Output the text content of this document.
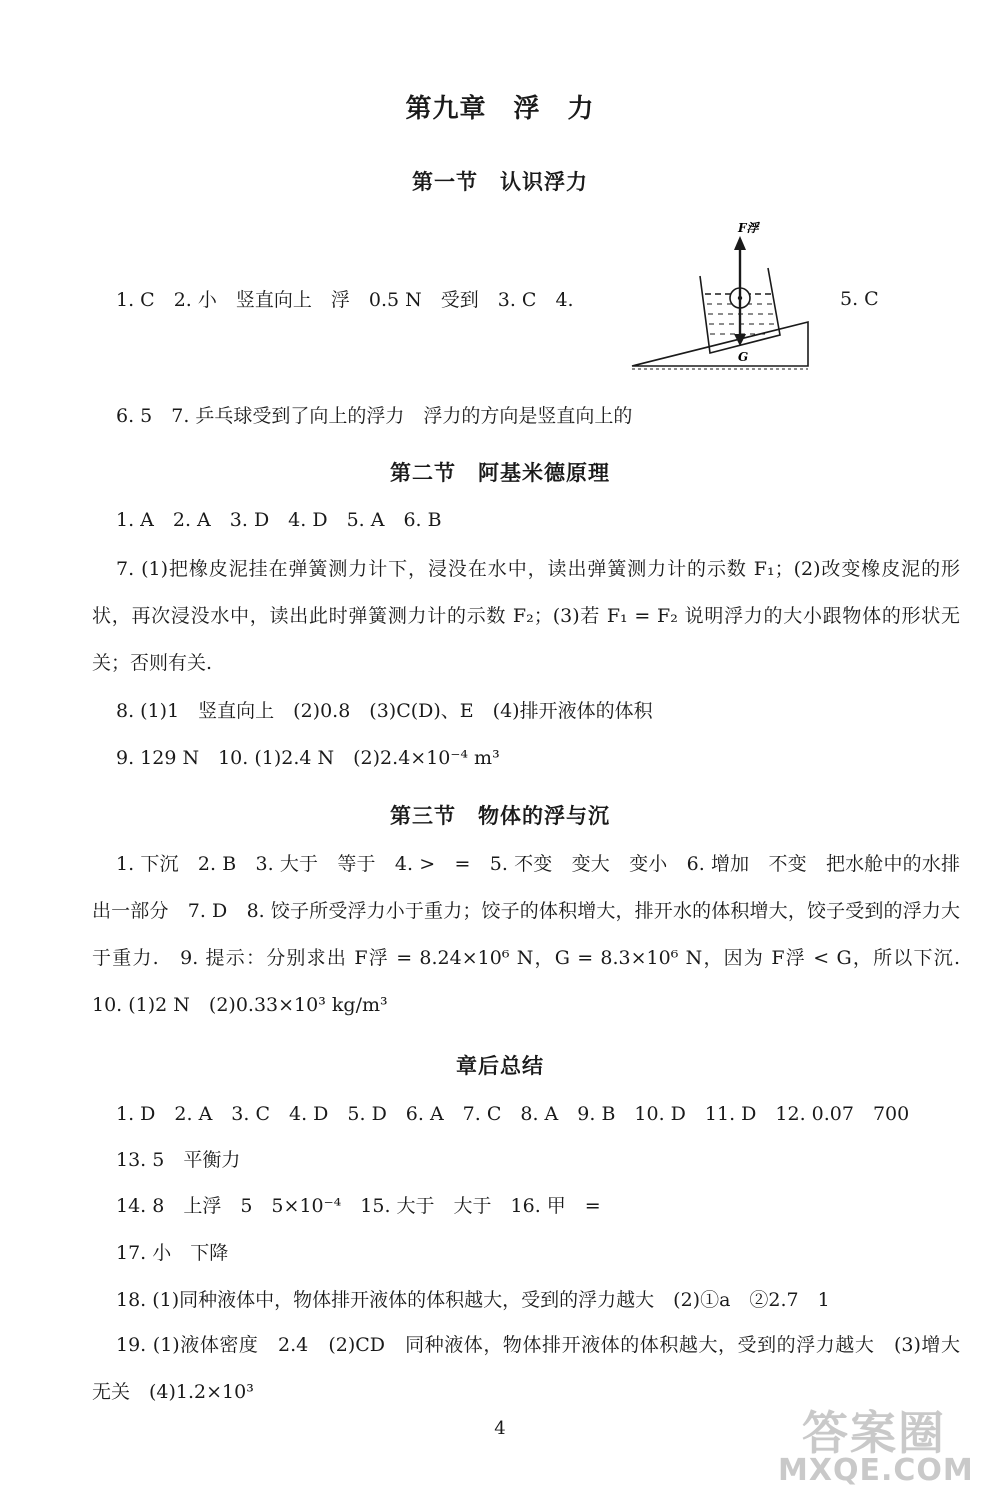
第九章　浮　力
第一节　认识浮力
1. C　2. 小　竖直向上　浮　0.5 N　受到　3. C　4.
F浮
G
5. C
6. 5　7. 乒乓球受到了向上的浮力　浮力的方向是竖直向上的
第二节　阿基米德原理
1. A　2. A　3. D　4. D　5. A　6. B
7. (1)把橡皮泥挂在弹簧测力计下，浸没在水中，读出弹簧测力计的示数 F₁；(2)改变橡皮泥的形状，再次浸没水中，读出此时弹簧测力计的示数 F₂；(3)若 F₁ = F₂ 说明浮力的大小跟物体的形状无关；否则有关.
8. (1)1　竖直向上　(2)0.8　(3)C(D)、E　(4)排开液体的体积
9. 129 N　10. (1)2.4 N　(2)2.4×10⁻⁴ m³
第三节　物体的浮与沉
1. 下沉　2. B　3. 大于　等于　4. >　=　5. 不变　变大　变小　6. 增加　不变　把水舱中的水排出一部分　7. D　8. 饺子所受浮力小于重力；饺子的体积增大，排开水的体积增大，饺子受到的浮力大于重力.　9. 提示：分别求出 F浮 = 8.24×10⁶ N，G = 8.3×10⁶ N，因为 F浮 < G，所以下沉.　10. (1)2 N　(2)0.33×10³ kg/m³
章后总结
1. D　2. A　3. C　4. D　5. D　6. A　7. C　8. A　9. B　10. D　11. D　12. 0.07　700
13. 5　平衡力
14. 8　上浮　5　5×10⁻⁴　15. 大于　大于　16. 甲　=
17. 小　下降
18. (1)同种液体中，物体排开液体的体积越大，受到的浮力越大　(2)①a　②2.7　1
19. (1)液体密度　2.4　(2)CD　同种液体，物体排开液体的体积越大，受到的浮力越大　(3)增大　无关　(4)1.2×10³
4	答案圈
MXQE.COM
